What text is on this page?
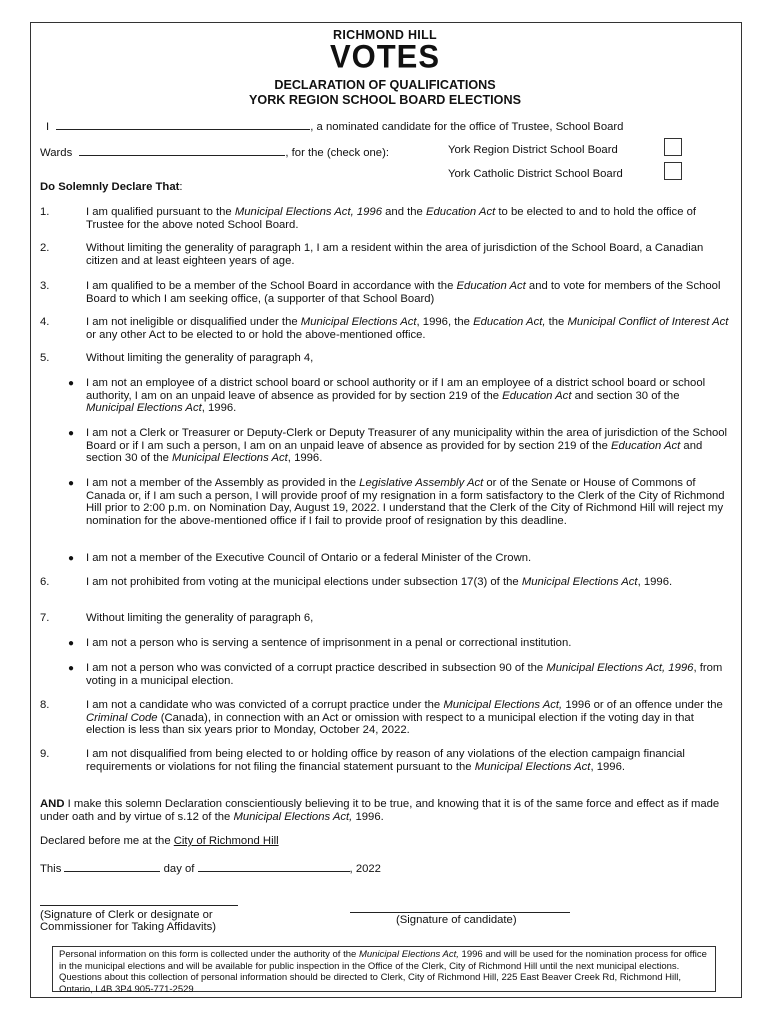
RICHMOND HILL
VOTES
DECLARATION OF QUALIFICATIONS
YORK REGION SCHOOL BOARD ELECTIONS
I	, a nominated candidate for the office of Trustee, School Board
Wards	, for the (check one):	York Region District School Board
York Catholic District School Board
Do Solemnly Declare That:
1.	I am qualified pursuant to the Municipal Elections Act, 1996 and the Education Act to be elected to and to hold the office of Trustee for the above noted School Board.
2.	Without limiting the generality of paragraph 1, I am a resident within the area of jurisdiction of the School Board, a Canadian citizen and at least eighteen years of age.
3.	I am qualified to be a member of the School Board in accordance with the Education Act and to vote for members of the School Board to which I am seeking office, (a supporter of that School Board)
4.	I am not ineligible or disqualified under the Municipal Elections Act, 1996, the Education Act, the Municipal Conflict of Interest Act or any other Act to be elected to or hold the above-mentioned office.
5.	Without limiting the generality of paragraph 4,
● I am not an employee of a district school board or school authority or if I am an employee of a district school board or school authority, I am on an unpaid leave of absence as provided for by section 219 of the Education Act and section 30 of the Municipal Elections Act, 1996.
● I am not a Clerk or Treasurer or Deputy-Clerk or Deputy Treasurer of any municipality within the area of jurisdiction of the School Board or if I am such a person, I am on an unpaid leave of absence as provided for by section 219 of the Education Act and section 30 of the Municipal Elections Act, 1996.
● I am not a member of the Assembly as provided in the Legislative Assembly Act or of the Senate or House of Commons of Canada or, if I am such a person, I will provide proof of my resignation in a form satisfactory to the Clerk of the City of Richmond Hill prior to 2:00 p.m. on Nomination Day, August 19, 2022. I understand that the Clerk of the City of Richmond Hill will reject my nomination for the above-mentioned office if I fail to provide proof of resignation by this deadline.
● I am not a member of the Executive Council of Ontario or a federal Minister of the Crown.
6.	I am not prohibited from voting at the municipal elections under subsection 17(3) of the Municipal Elections Act, 1996.
7.	Without limiting the generality of paragraph 6,
● I am not a person who is serving a sentence of imprisonment in a penal or correctional institution.
● I am not a person who was convicted of a corrupt practice described in subsection 90 of the Municipal Elections Act, 1996, from voting in a municipal election.
8.	I am not a candidate who was convicted of a corrupt practice under the Municipal Elections Act, 1996 or of an offence under the Criminal Code (Canada), in connection with an Act or omission with respect to a municipal election if the voting day in that election is less than six years prior to Monday, October 24, 2022.
9.	I am not disqualified from being elected to or holding office by reason of any violations of the election campaign financial requirements or violations for not filing the financial statement pursuant to the Municipal Elections Act, 1996.
AND I make this solemn Declaration conscientiously believing it to be true, and knowing that it is of the same force and effect as if made under oath and by virtue of s.12 of the Municipal Elections Act, 1996.
Declared before me at the City of Richmond Hill
This	day of	, 2022
(Signature of Clerk or designate or
Commissioner for Taking Affidavits)
(Signature of candidate)
Personal information on this form is collected under the authority of the Municipal Elections Act, 1996 and will be used for the nomination process for office in the municipal elections and will be available for public inspection in the Office of the Clerk, City of Richmond Hill until the next municipal elections. Questions about this collection of personal information should be directed to Clerk, City of Richmond Hill, 225 East Beaver Creek Rd, Richmond Hill, Ontario, L4B 3P4 905-771-2529
